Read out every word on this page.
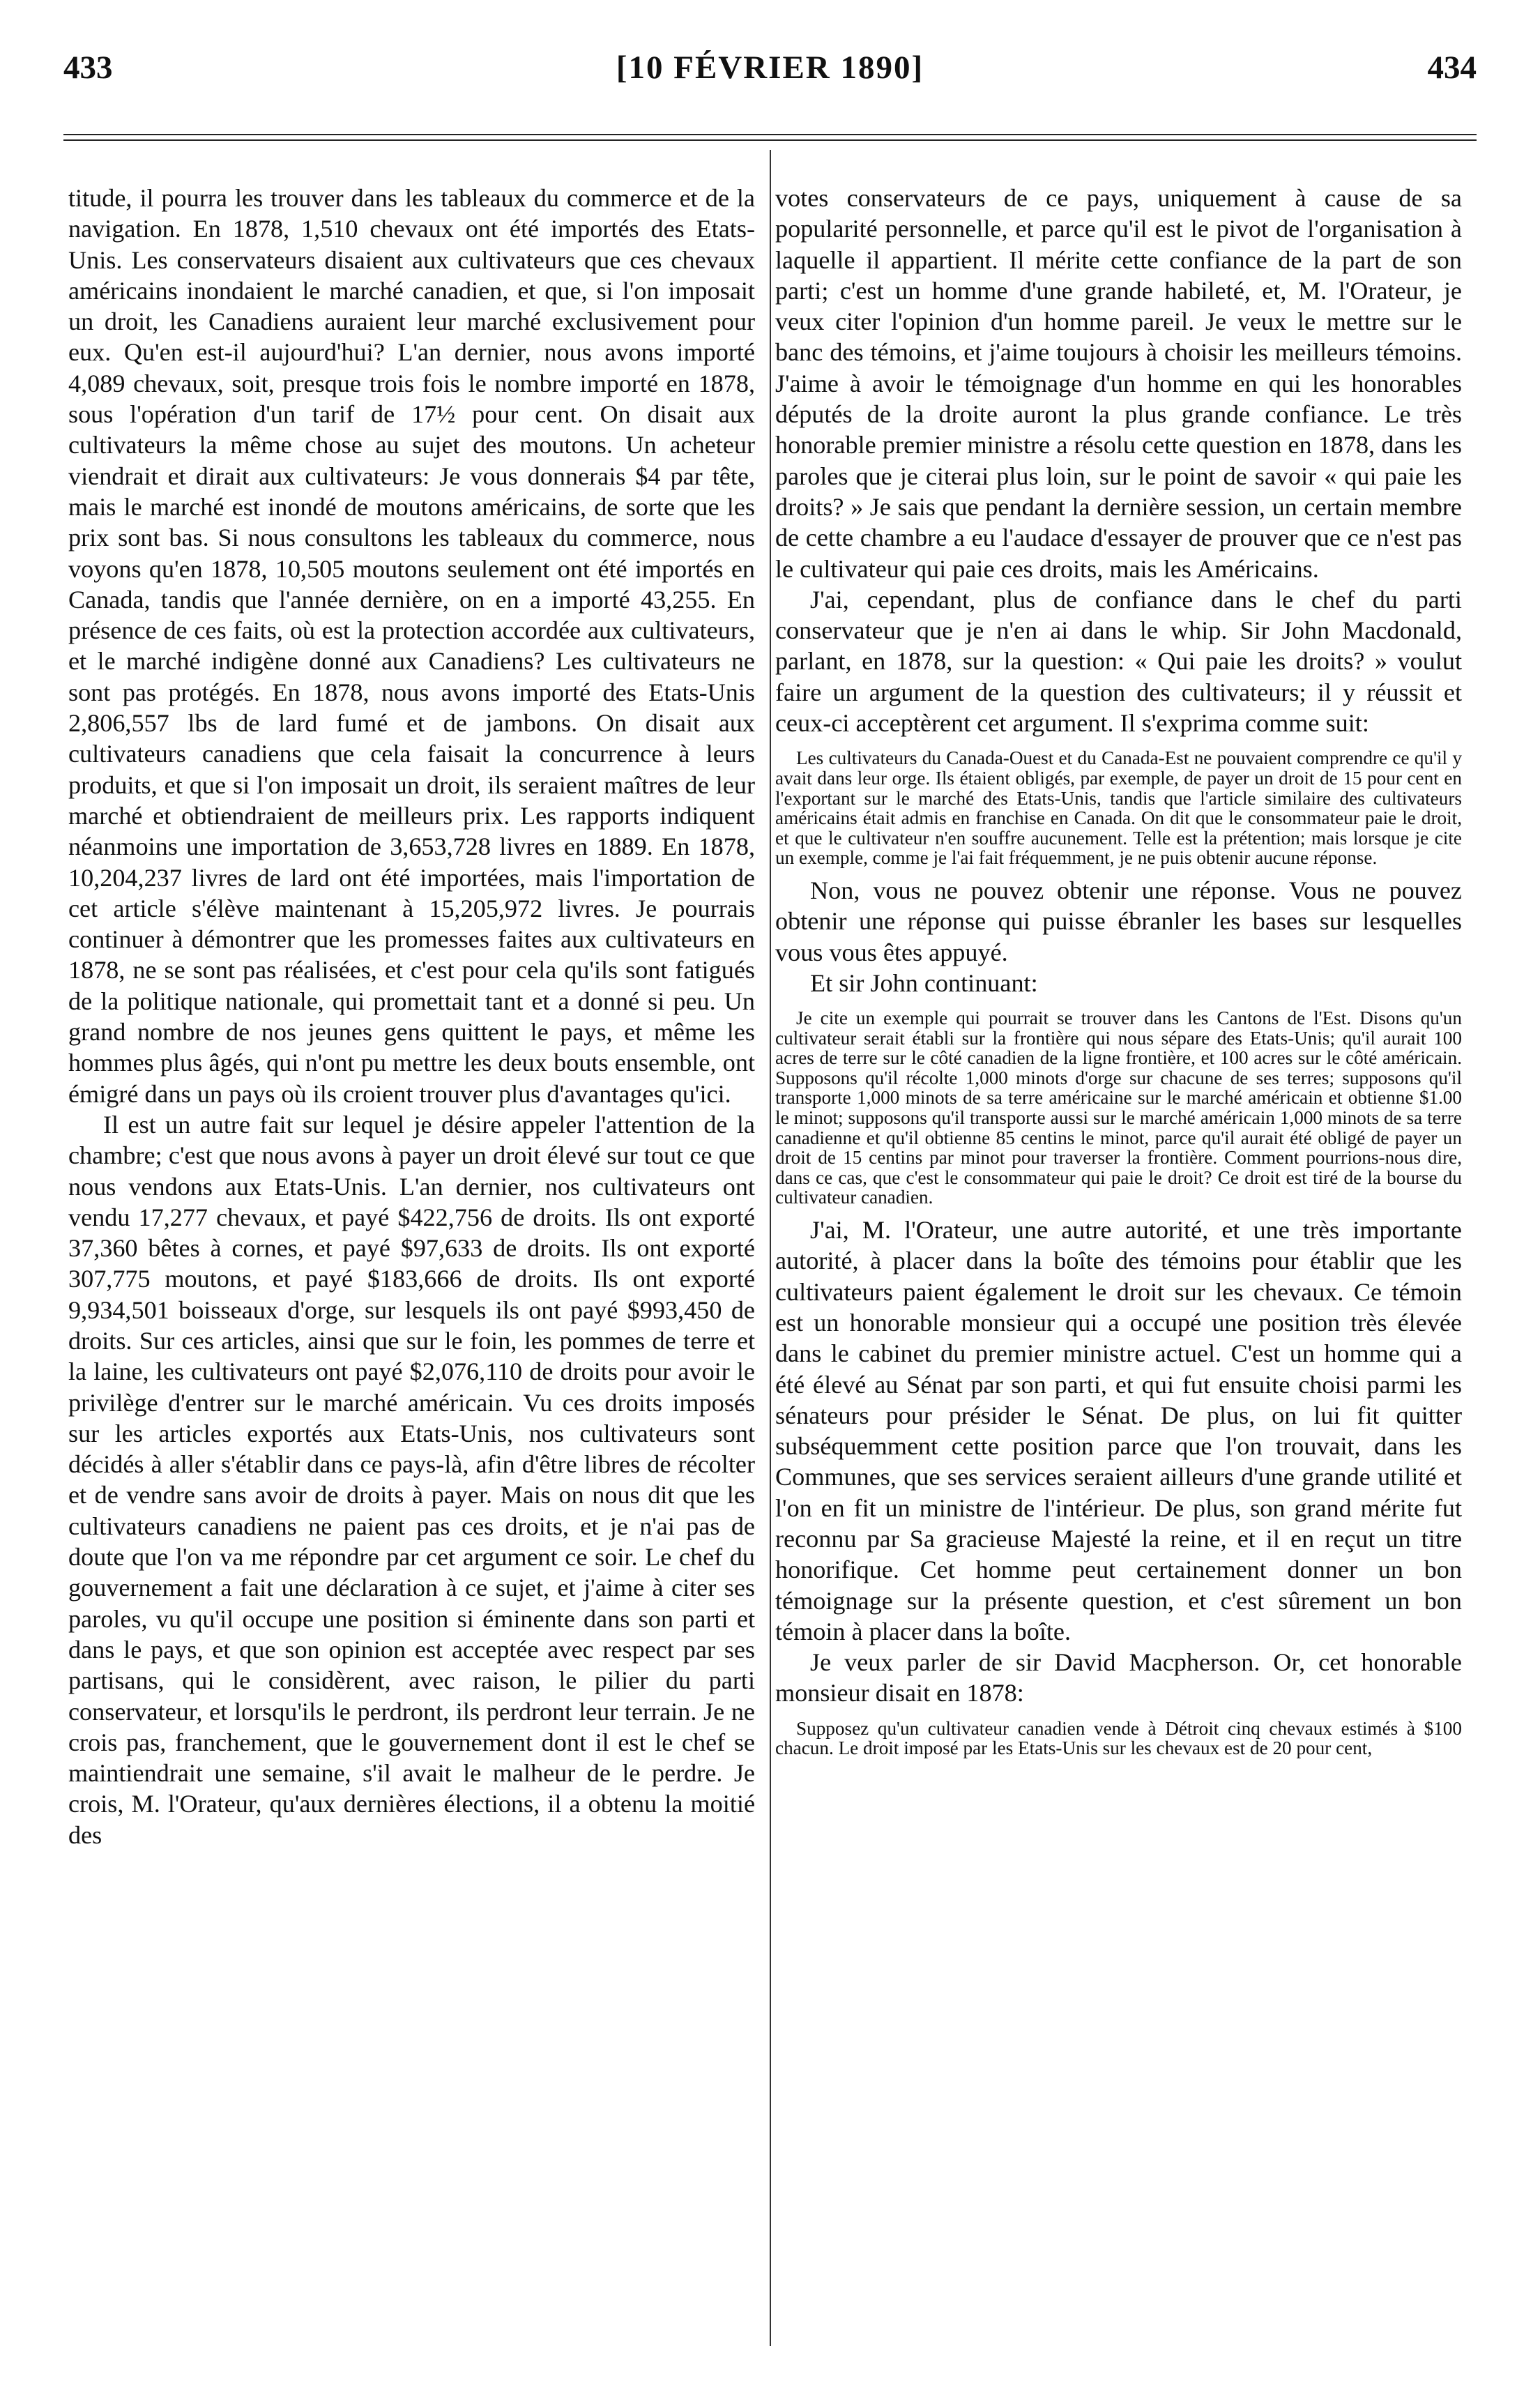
433	[10 FÉVRIER 1890]	434

titude, il pourra les trouver dans les tableaux du commerce et de la navigation. En 1878, 1,510 chevaux ont été importés des Etats-Unis. Les conservateurs disaient aux cultivateurs que ces chevaux américains inondaient le marché canadien, et que, si l'on imposait un droit, les Canadiens auraient leur marché exclusivement pour eux. Qu'en est-il aujourd'hui? L'an dernier, nous avons importé 4,089 chevaux, soit, presque trois fois le nombre importé en 1878, sous l'opération d'un tarif de 17½ pour cent. On disait aux cultivateurs la même chose au sujet des moutons. Un acheteur viendrait et dirait aux cultivateurs: Je vous donnerais $4 par tête, mais le marché est inondé de moutons américains, de sorte que les prix sont bas. Si nous consultons les tableaux du commerce, nous voyons qu'en 1878, 10,505 moutons seulement ont été importés en Canada, tandis que l'année dernière, on en a importé 43,255. En présence de ces faits, où est la protection accordée aux cultivateurs, et le marché indigène donné aux Canadiens? Les cultivateurs ne sont pas protégés. En 1878, nous avons importé des Etats-Unis 2,806,557 lbs de lard fumé et de jambons. On disait aux cultivateurs canadiens que cela faisait la concurrence à leurs produits, et que si l'on imposait un droit, ils seraient maîtres de leur marché et obtiendraient de meilleurs prix. Les rapports indiquent néanmoins une importation de 3,653,728 livres en 1889. En 1878, 10,204,237 livres de lard ont été importées, mais l'importation de cet article s'élève maintenant à 15,205,972 livres. Je pourrais continuer à démontrer que les promesses faites aux cultivateurs en 1878, ne se sont pas réalisées, et c'est pour cela qu'ils sont fatigués de la politique nationale, qui promettait tant et a donné si peu. Un grand nombre de nos jeunes gens quittent le pays, et même les hommes plus âgés, qui n'ont pu mettre les deux bouts ensemble, ont émigré dans un pays où ils croient trouver plus d'avantages qu'ici.

Il est un autre fait sur lequel je désire appeler l'attention de la chambre; c'est que nous avons à payer un droit élevé sur tout ce que nous vendons aux Etats-Unis. L'an dernier, nos cultivateurs ont vendu 17,277 chevaux, et payé $422,756 de droits. Ils ont exporté 37,360 bêtes à cornes, et payé $97,633 de droits. Ils ont exporté 307,775 moutons, et payé $183,666 de droits. Ils ont exporté 9,934,501 boisseaux d'orge, sur lesquels ils ont payé $993,450 de droits. Sur ces articles, ainsi que sur le foin, les pommes de terre et la laine, les cultivateurs ont payé $2,076,110 de droits pour avoir le privilège d'entrer sur le marché américain. Vu ces droits imposés sur les articles exportés aux Etats-Unis, nos cultivateurs sont décidés à aller s'établir dans ce pays-là, afin d'être libres de récolter et de vendre sans avoir de droits à payer. Mais on nous dit que les cultivateurs canadiens ne paient pas ces droits, et je n'ai pas de doute que l'on va me répondre par cet argument ce soir. Le chef du gouvernement a fait une déclaration à ce sujet, et j'aime à citer ses paroles, vu qu'il occupe une position si éminente dans son parti et dans le pays, et que son opinion est acceptée avec respect par ses partisans, qui le considèrent, avec raison, le pilier du parti conservateur, et lorsqu'ils le perdront, ils perdront leur terrain. Je ne crois pas, franchement, que le gouvernement dont il est le chef se maintiendrait une semaine, s'il avait le malheur de le perdre. Je crois, M. l'Orateur, qu'aux dernières élections, il a obtenu la moitié des

votes conservateurs de ce pays, uniquement à cause de sa popularité personnelle, et parce qu'il est le pivot de l'organisation à laquelle il appartient. Il mérite cette confiance de la part de son parti; c'est un homme d'une grande habileté, et, M. l'Orateur, je veux citer l'opinion d'un homme pareil. Je veux le mettre sur le banc des témoins, et j'aime toujours à choisir les meilleurs témoins. J'aime à avoir le témoignage d'un homme en qui les honorables députés de la droite auront la plus grande confiance. Le très honorable premier ministre a résolu cette question en 1878, dans les paroles que je citerai plus loin, sur le point de savoir « qui paie les droits? » Je sais que pendant la dernière session, un certain membre de cette chambre a eu l'audace d'essayer de prouver que ce n'est pas le cultivateur qui paie ces droits, mais les Américains.

J'ai, cependant, plus de confiance dans le chef du parti conservateur que je n'en ai dans le whip. Sir John Macdonald, parlant, en 1878, sur la question: « Qui paie les droits? » voulut faire un argument de la question des cultivateurs; il y réussit et ceux-ci acceptèrent cet argument. Il s'exprima comme suit:

Les cultivateurs du Canada-Ouest et du Canada-Est ne pouvaient comprendre ce qu'il y avait dans leur orge. Ils étaient obligés, par exemple, de payer un droit de 15 pour cent en l'exportant sur le marché des Etats-Unis, tandis que l'article similaire des cultivateurs américains était admis en franchise en Canada. On dit que le consommateur paie le droit, et que le cultivateur n'en souffre aucunement. Telle est la prétention; mais lorsque je cite un exemple, comme je l'ai fait fréquemment, je ne puis obtenir aucune réponse.

Non, vous ne pouvez obtenir une réponse. Vous ne pouvez obtenir une réponse qui puisse ébranler les bases sur lesquelles vous vous êtes appuyé.

Et sir John continuant:

Je cite un exemple qui pourrait se trouver dans les Cantons de l'Est. Disons qu'un cultivateur serait établi sur la frontière qui nous sépare des Etats-Unis; qu'il aurait 100 acres de terre sur le côté canadien de la ligne frontière, et 100 acres sur le côté américain. Supposons qu'il récolte 1,000 minots d'orge sur chacune de ses terres; supposons qu'il transporte 1,000 minots de sa terre américaine sur le marché américain et obtienne $1.00 le minot; supposons qu'il transporte aussi sur le marché américain 1,000 minots de sa terre canadienne et qu'il obtienne 85 centins le minot, parce qu'il aurait été obligé de payer un droit de 15 centins par minot pour traverser la frontière. Comment pourrions-nous dire, dans ce cas, que c'est le consommateur qui paie le droit? Ce droit est tiré de la bourse du cultivateur canadien.

J'ai, M. l'Orateur, une autre autorité, et une très importante autorité, à placer dans la boîte des témoins pour établir que les cultivateurs paient également le droit sur les chevaux. Ce témoin est un honorable monsieur qui a occupé une position très élevée dans le cabinet du premier ministre actuel. C'est un homme qui a été élevé au Sénat par son parti, et qui fut ensuite choisi parmi les sénateurs pour présider le Sénat. De plus, on lui fit quitter subséquemment cette position parce que l'on trouvait, dans les Communes, que ses services seraient ailleurs d'une grande utilité et l'on en fit un ministre de l'intérieur. De plus, son grand mérite fut reconnu par Sa gracieuse Majesté la reine, et il en reçut un titre honorifique. Cet homme peut certainement donner un bon témoignage sur la présente question, et c'est sûrement un bon témoin à placer dans la boîte.

Je veux parler de sir David Macpherson. Or, cet honorable monsieur disait en 1878:

Supposez qu'un cultivateur canadien vende à Détroit cinq chevaux estimés à $100 chacun. Le droit imposé par les Etats-Unis sur les chevaux est de 20 pour cent,
